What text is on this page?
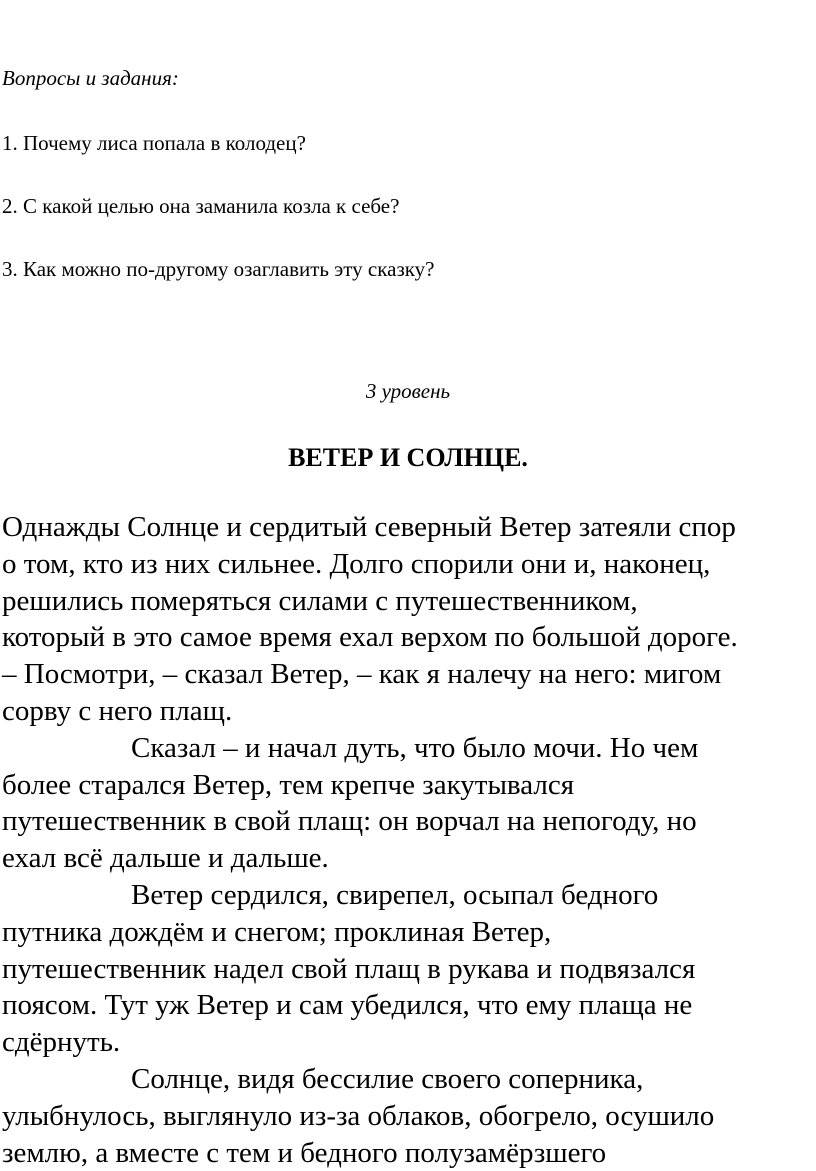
Вопросы и задания:
1. Почему лиса попала в колодец?
2. С какой целью она заманила козла к себе?
3. Как можно по-другому озаглавить эту сказку?
3 уровень
ВЕТЕР И СОЛНЦЕ.
Однажды Солнце и сердитый северный Ветер затеяли спор
о том, кто из них сильнее. Долго спорили они и, наконец,
решились померяться силами с путешественником,
который в это самое время ехал верхом по большой дороге.
– Посмотри, – сказал Ветер, – как я налечу на него: мигом
сорву с него плащ.
Сказал – и начал дуть, что было мочи. Но чем
более старался Ветер, тем крепче закутывался
путешественник в свой плащ: он ворчал на непогоду, но
ехал всё дальше и дальше.
Ветер сердился, свирепел, осыпал бедного
путника дождём и снегом; проклиная Ветер,
путешественник надел свой плащ в рукава и подвязался
поясом. Тут уж Ветер и сам убедился, что ему плаща не
сдёрнуть.
Солнце, видя бессилие своего соперника,
улыбнулось, выглянуло из-за облаков, обогрело, осушило
землю, а вместе с тем и бедного полузамёрзшего
